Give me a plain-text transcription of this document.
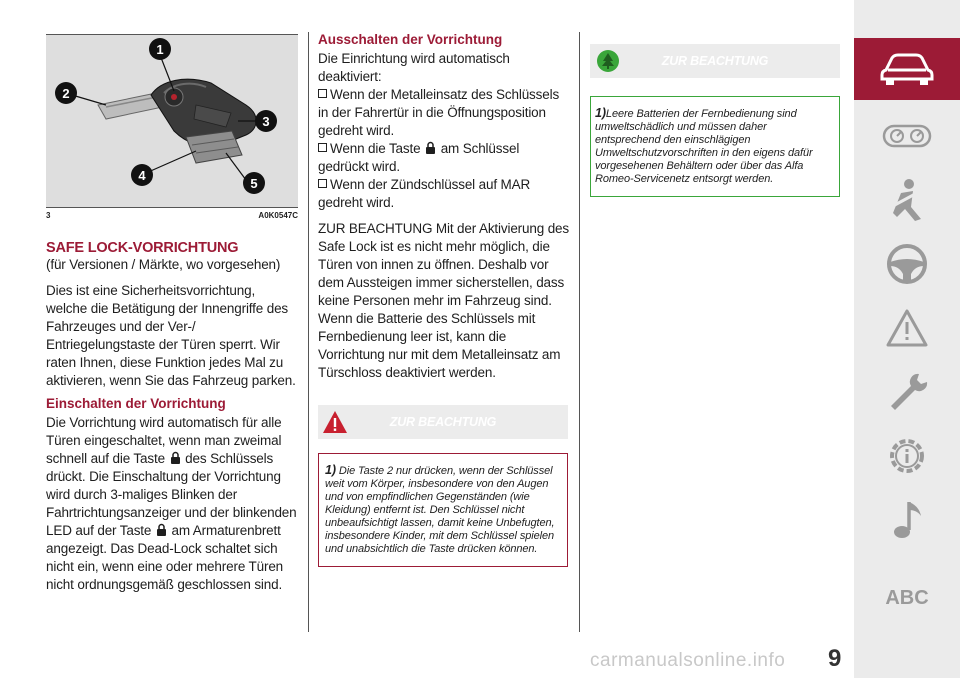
1
2
3
4
5
3	A0K0547C

SAFE LOCK-VORRICHTUNG

(für Versionen / Märkte, wo vorgesehen)

Dies ist eine Sicherheitsvorrichtung, welche die Betätigung der Innengriffe des Fahrzeuges und der Ver-/ Entriegelungstaste der Türen sperrt. Wir raten Ihnen, diese Funktion jedes Mal zu aktivieren, wenn Sie das Fahrzeug parken.

Einschalten der Vorrichtung

Die Vorrichtung wird automatisch für alle Türen eingeschaltet, wenn man zweimal schnell auf die Taste des Schlüssels drückt. Die Einschaltung der Vorrichtung wird durch 3-maliges Blinken der Fahrtrichtungsanzeiger und der blinkenden LED auf der Taste am Armaturenbrett angezeigt. Das Dead-Lock schaltet sich nicht ein, wenn eine oder mehrere Türen nicht ordnungsgemäß geschlossen sind.

Ausschalten der Vorrichtung

Die Einrichtung wird automatisch deaktiviert:

Wenn der Metalleinsatz des Schlüssels in der Fahrertür in die Öffnungsposition gedreht wird.

Wenn die Taste am Schlüssel gedrückt wird.

Wenn der Zündschlüssel auf MAR gedreht wird.

ZUR BEACHTUNG Mit der Aktivierung des Safe Lock ist es nicht mehr möglich, die Türen von innen zu öffnen. Deshalb vor dem Aussteigen immer sicherstellen, dass keine Personen mehr im Fahrzeug sind. Wenn die Batterie des Schlüssels mit Fernbedienung leer ist, kann die Vorrichtung nur mit dem Metalleinsatz am Türschloss deaktiviert werden.

ZUR BEACHTUNG
1) Die Taste 2 nur drücken, wenn der Schlüssel weit vom Körper, insbesondere von den Augen und von empfindlichen Gegenständen (wie Kleidung) entfernt ist. Den Schlüssel nicht unbeaufsichtigt lassen, damit keine Unbefugten, insbesondere Kinder, mit dem Schlüssel spielen und unabsichtlich die Taste drücken können.
ZUR BEACHTUNG
1)Leere Batterien der Fernbedienung sind umweltschädlich und müssen daher entsprechend den einschlägigen Umweltschutzvorschriften in den eigens dafür vorgesehenen Behältern oder über das Alfa Romeo-Servicenetz entsorgt werden.
ABC
9
carmanualsonline.info
